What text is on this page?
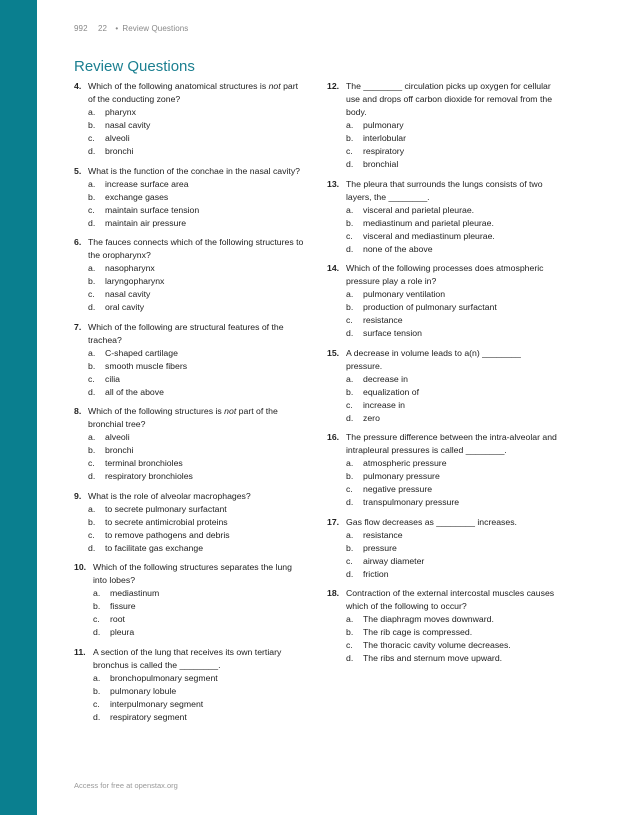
992 22 • Review Questions
Review Questions
4. Which of the following anatomical structures is not part of the conducting zone?
a.	pharynx
b.	nasal cavity
c.	alveoli
d.	bronchi
5. What is the function of the conchae in the nasal cavity?
a.	increase surface area
b.	exchange gases
c.	maintain surface tension
d.	maintain air pressure
6. The fauces connects which of the following structures to the oropharynx?
a.	nasopharynx
b.	laryngopharynx
c.	nasal cavity
d.	oral cavity
7. Which of the following are structural features of the trachea?
a.	C-shaped cartilage
b.	smooth muscle fibers
c.	cilia
d.	all of the above
8. Which of the following structures is not part of the bronchial tree?
a.	alveoli
b.	bronchi
c.	terminal bronchioles
d.	respiratory bronchioles
9. What is the role of alveolar macrophages?
a.	to secrete pulmonary surfactant
b.	to secrete antimicrobial proteins
c.	to remove pathogens and debris
d.	to facilitate gas exchange
10. Which of the following structures separates the lung into lobes?
a.	mediastinum
b.	fissure
c.	root
d.	pleura
11. A section of the lung that receives its own tertiary bronchus is called the ________.
a.	bronchopulmonary segment
b.	pulmonary lobule
c.	interpulmonary segment
d.	respiratory segment
12. The ________ circulation picks up oxygen for cellular use and drops off carbon dioxide for removal from the body.
a.	pulmonary
b.	interlobular
c.	respiratory
d.	bronchial
13. The pleura that surrounds the lungs consists of two layers, the ________.
a.	visceral and parietal pleurae.
b.	mediastinum and parietal pleurae.
c.	visceral and mediastinum pleurae.
d.	none of the above
14. Which of the following processes does atmospheric pressure play a role in?
a.	pulmonary ventilation
b.	production of pulmonary surfactant
c.	resistance
d.	surface tension
15. A decrease in volume leads to a(n) ________ pressure.
a.	decrease in
b.	equalization of
c.	increase in
d.	zero
16. The pressure difference between the intra-alveolar and intrapleural pressures is called ________.
a.	atmospheric pressure
b.	pulmonary pressure
c.	negative pressure
d.	transpulmonary pressure
17. Gas flow decreases as ________ increases.
a.	resistance
b.	pressure
c.	airway diameter
d.	friction
18. Contraction of the external intercostal muscles causes which of the following to occur?
a.	The diaphragm moves downward.
b.	The rib cage is compressed.
c.	The thoracic cavity volume decreases.
d.	The ribs and sternum move upward.
Access for free at openstax.org
